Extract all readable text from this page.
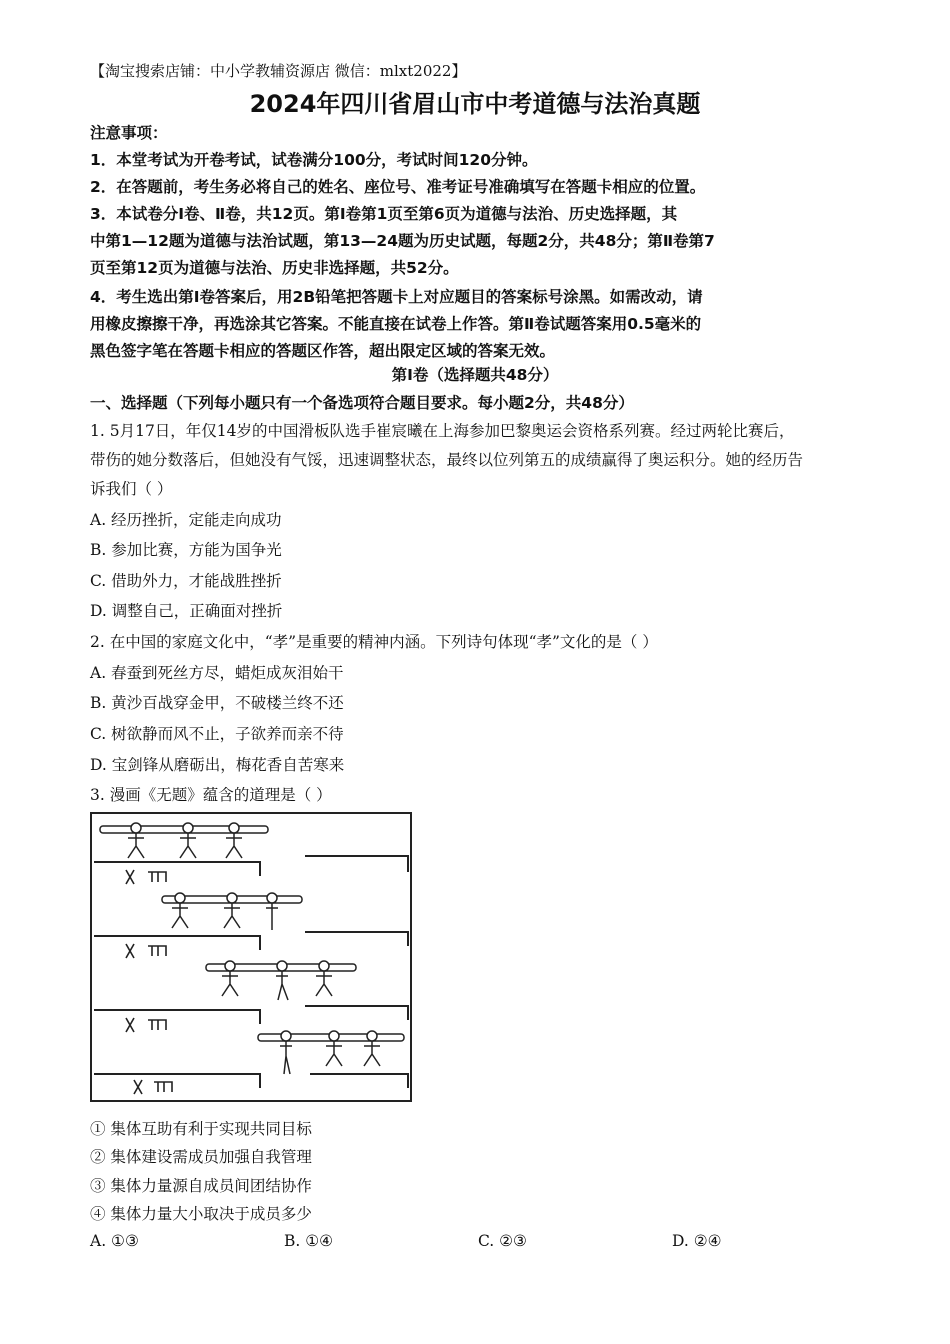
【淘宝搜索店铺：中小学教辅资源店 微信：mlxt2022】
2024年四川省眉山市中考道德与法治真题
注意事项：
1．本堂考试为开卷考试，试卷满分100分，考试时间120分钟。
2．在答题前，考生务必将自己的姓名、座位号、准考证号准确填写在答题卡相应的位置。
3．本试卷分Ⅰ卷、Ⅱ卷，共12页。第Ⅰ卷第1页至第6页为道德与法治、历史选择题，其
中第1—12题为道德与法治试题，第13—24题为历史试题，每题2分，共48分；第Ⅱ卷第7
页至第12页为道德与法治、历史非选择题，共52分。
4．考生选出第Ⅰ卷答案后，用2B铅笔把答题卡上对应题目的答案标号涂黑。如需改动，请
用橡皮擦擦干净，再选涂其它答案。不能直接在试卷上作答。第Ⅱ卷试题答案用0.5毫米的
黑色签字笔在答题卡相应的答题区作答，超出限定区域的答案无效。
第Ⅰ卷（选择题共48分）
一、选择题（下列每小题只有一个备选项符合题目要求。每小题2分，共48分）
1. 5月17日，年仅14岁的中国滑板队选手崔宸曦在上海参加巴黎奥运会资格系列赛。经过两轮比赛后，
带伤的她分数落后，但她没有气馁，迅速调整状态，最终以位列第五的成绩赢得了奥运积分。她的经历告
诉我们（ ）
A. 经历挫折，定能走向成功
B. 参加比赛，方能为国争光
C. 借助外力，才能战胜挫折
D. 调整自己，正确面对挫折
2. 在中国的家庭文化中，“孝”是重要的精神内涵。下列诗句体现“孝”文化的是（ ）
A. 春蚕到死丝方尽，蜡炬成灰泪始干
B. 黄沙百战穿金甲，不破楼兰终不还
C. 树欲静而风不止，子欲养而亲不待
D. 宝剑锋从磨砺出，梅花香自苦寒来
3. 漫画《无题》蕴含的道理是（ ）
① 集体互助有利于实现共同目标
② 集体建设需成员加强自我管理
③ 集体力量源自成员间团结协作
④ 集体力量大小取决于成员多少
A. ①③	B. ①④	C. ②③	D. ②④
